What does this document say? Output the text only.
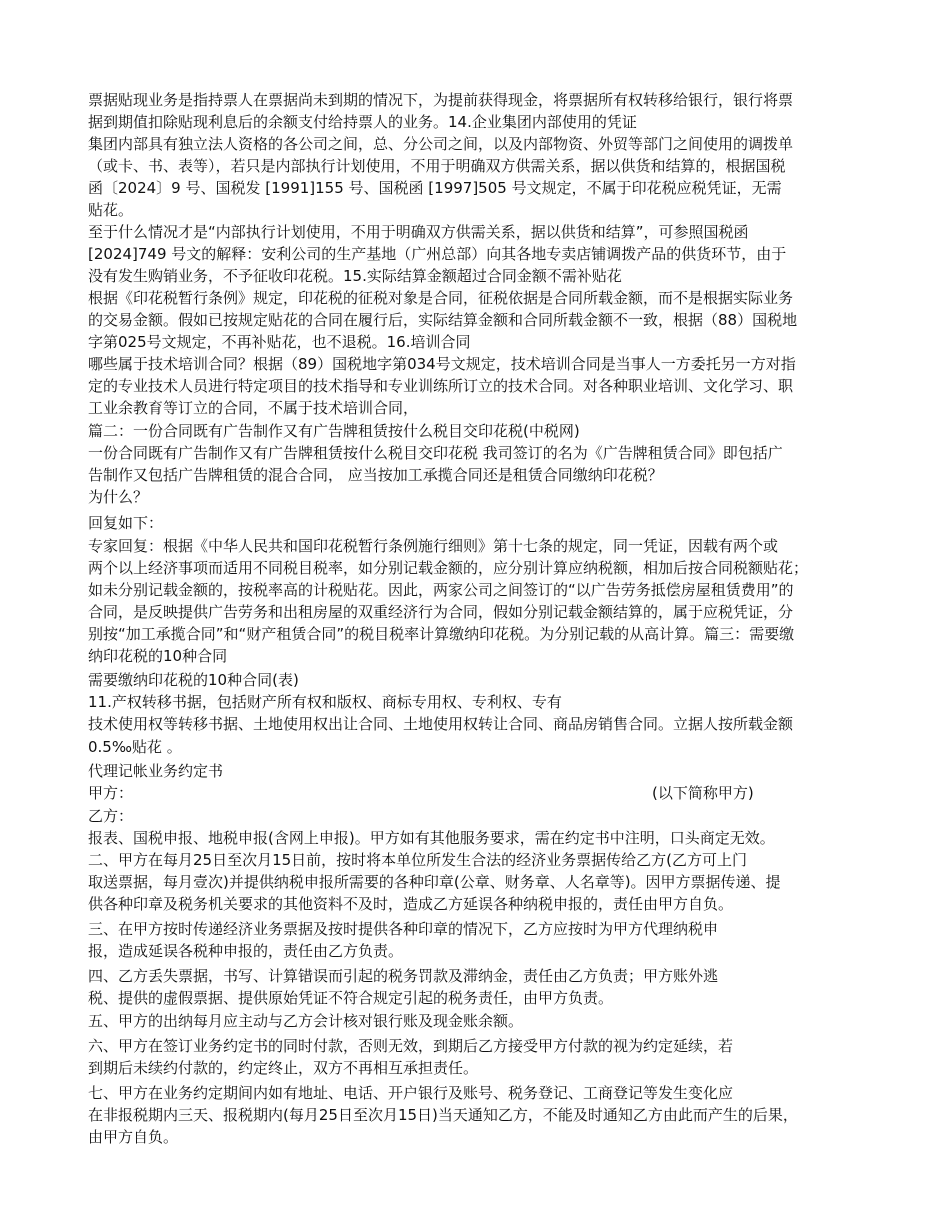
票据贴现业务是指持票人在票据尚未到期的情况下，为提前获得现金，将票据所有权转移给银行，银行将票
据到期值扣除贴现利息后的余额支付给持票人的业务。14.企业集团内部使用的凭证
集团内部具有独立法人资格的各公司之间，总、分公司之间，以及内部物资、外贸等部门之间使用的调拨单
（或卡、书、表等），若只是内部执行计划使用，不用于明确双方供需关系，据以供货和结算的，根据国税
函〔2024〕9 号、国税发 [1991]155 号、国税函 [1997]505 号文规定，不属于印花税应税凭证，无需
贴花。
至于什么情况才是“内部执行计划使用，不用于明确双方供需关系，据以供货和结算”，可参照国税函
[2024]749 号文的解释：安利公司的生产基地（广州总部）向其各地专卖店铺调拨产品的供货环节，由于
没有发生购销业务，不予征收印花税。15.实际结算金额超过合同金额不需补贴花
根据《印花税暂行条例》规定，印花税的征税对象是合同，征税依据是合同所载金额，而不是根据实际业务
的交易金额。假如已按规定贴花的合同在履行后，实际结算金额和合同所载金额不一致，根据（88）国税地
字第025号文规定，不再补贴花，也不退税。16.培训合同
哪些属于技术培训合同？根据（89）国税地字第034号文规定，技术培训合同是当事人一方委托另一方对指
定的专业技术人员进行特定项目的技术指导和专业训练所订立的技术合同。对各种职业培训、文化学习、职
工业余教育等订立的合同，不属于技术培训合同，
篇二：一份合同既有广告制作又有广告牌租赁按什么税目交印花税(中税网)
一份合同既有广告制作又有广告牌租赁按什么税目交印花税 我司签订的名为《广告牌租赁合同》即包括广
告制作又包括广告牌租赁的混合合同， 应当按加工承揽合同还是租赁合同缴纳印花税？
为什么？
回复如下：
专家回复：根据《中华人民共和国印花税暂行条例施行细则》第十七条的规定，同一凭证，因载有两个或
两个以上经济事项而适用不同税目税率，如分别记载金额的，应分别计算应纳税额，相加后按合同税额贴花；
如未分别记载金额的，按税率高的计税贴花。因此，两家公司之间签订的“以广告劳务抵偿房屋租赁费用”的
合同，是反映提供广告劳务和出租房屋的双重经济行为合同，假如分别记载金额结算的，属于应税凭证，分
别按“加工承揽合同”和“财产租赁合同”的税目税率计算缴纳印花税。为分别记载的从高计算。篇三：需要缴
纳印花税的10种合同
需要缴纳印花税的10种合同(表)
11.产权转移书据，包括财产所有权和版权、商标专用权、专利权、专有
技术使用权等转移书据、土地使用权出让合同、土地使用权转让合同、商品房销售合同。立据人按所载金额
0.5‰贴花 。
代理记帐业务约定书
甲方：	(以下简称甲方)
乙方：
报表、国税申报、地税申报(含网上申报)。甲方如有其他服务要求，需在约定书中注明，口头商定无效。
二、甲方在每月25日至次月15日前，按时将本单位所发生合法的经济业务票据传给乙方(乙方可上门
取送票据，每月壹次)并提供纳税申报所需要的各种印章(公章、财务章、人名章等)。因甲方票据传递、提
供各种印章及税务机关要求的其他资料不及时，造成乙方延误各种纳税申报的，责任由甲方自负。
三、在甲方按时传递经济业务票据及按时提供各种印章的情况下，乙方应按时为甲方代理纳税申
报，造成延误各税种申报的，责任由乙方负责。
四、乙方丢失票据，书写、计算错误而引起的税务罚款及滞纳金，责任由乙方负责；甲方账外逃
税、提供的虚假票据、提供原始凭证不符合规定引起的税务责任，由甲方负责。
五、甲方的出纳每月应主动与乙方会计核对银行账及现金账余额。
六、甲方在签订业务约定书的同时付款，否则无效，到期后乙方接受甲方付款的视为约定延续，若
到期后未续约付款的，约定终止，双方不再相互承担责任。
七、甲方在业务约定期间内如有地址、电话、开户银行及账号、税务登记、工商登记等发生变化应
在非报税期内三天、报税期内(每月25日至次月15日)当天通知乙方，不能及时通知乙方由此而产生的后果，
由甲方自负。
